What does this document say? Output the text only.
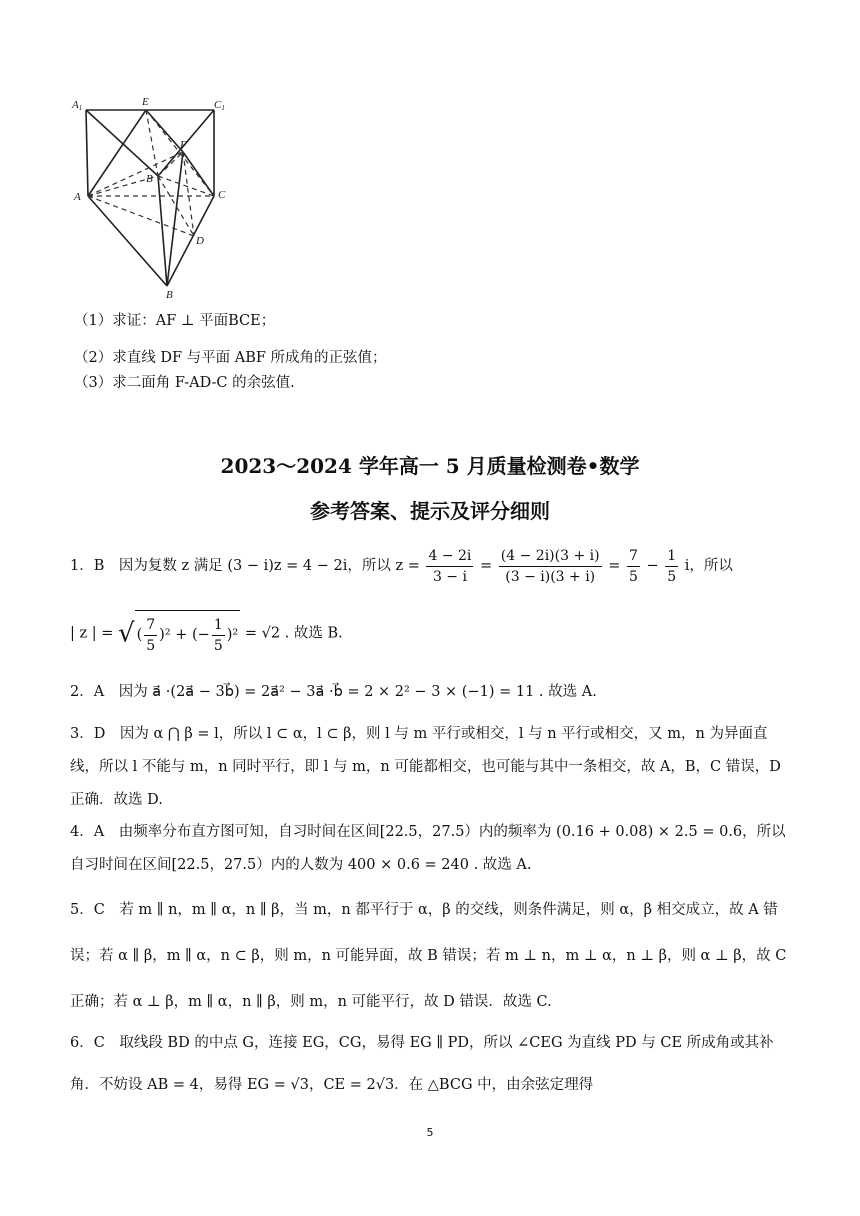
A1	E	C1
F
B
A	C
D
B
（1）求证：AF ⊥ 平面BCE；
（2）求直线 DF 与平面 ABF 所成角的正弦值；
（3）求二面角 F-AD-C 的余弦值.
2023～2024 学年高一 5 月质量检测卷•数学
参考答案、提示及评分细则
1．B　因为复数 z 满足 (3 − i)z = 4 − 2i，所以 $z = \frac{4 - 2i}{3 - i} = \frac{(4 - 2i)(3 + i)}{(3 - i)(3 + i)} = \frac{7}{5} - \frac{1}{5}$ i，所以
| z | = √ ( $\frac{7}{5} )^2$ + (− $\frac{1}{5} )^2 = √2$ . 故选 B.
2．A　因为 a⃗ ·(2a⃗ − 3b⃗) = 2a⃗² − 3a⃗ ·b⃗ = 2 × 2² − 3 × (−1) = 11 . 故选 A.
3．D　因为 α ⋂ β = l，所以 l ⊂ α，l ⊂ β，则 l 与 m 平行或相交，l 与 n 平行或相交，又 m，n 为异面直线，所以 l 不能与 m，n 同时平行，即 l 与 m，n 可能都相交，也可能与其中一条相交，故 A，B，C 错误，D 正确．故选 D.
4．A　由频率分布直方图可知，自习时间在区间[22.5，27.5）内的频率为 (0.16 + 0.08) × 2.5 = 0.6，所以自习时间在区间[22.5，27.5）内的人数为 400 × 0.6 = 240 . 故选 A.
5．C　若 m ∥ n，m ∥ α，n ∥ β，当 m，n 都平行于 α，β 的交线，则条件满足，则 α，β 相交成立，故 A 错误；若 α ∥ β，m ∥ α，n ⊂ β，则 m，n 可能异面，故 B 错误；若 m ⊥ n，m ⊥ α，n ⊥ β，则 α ⊥ β，故 C 正确；若 α ⊥ β，m ∥ α，n ∥ β，则 m，n 可能平行，故 D 错误．故选 C.
6．C　取线段 BD 的中点 G，连接 EG，CG，易得 EG ∥ PD，所以 ∠CEG 为直线 PD 与 CE 所成角或其补角．不妨设 AB = 4，易得 EG = √3，CE = 2√3．在 △BCG 中，由余弦定理得
5
